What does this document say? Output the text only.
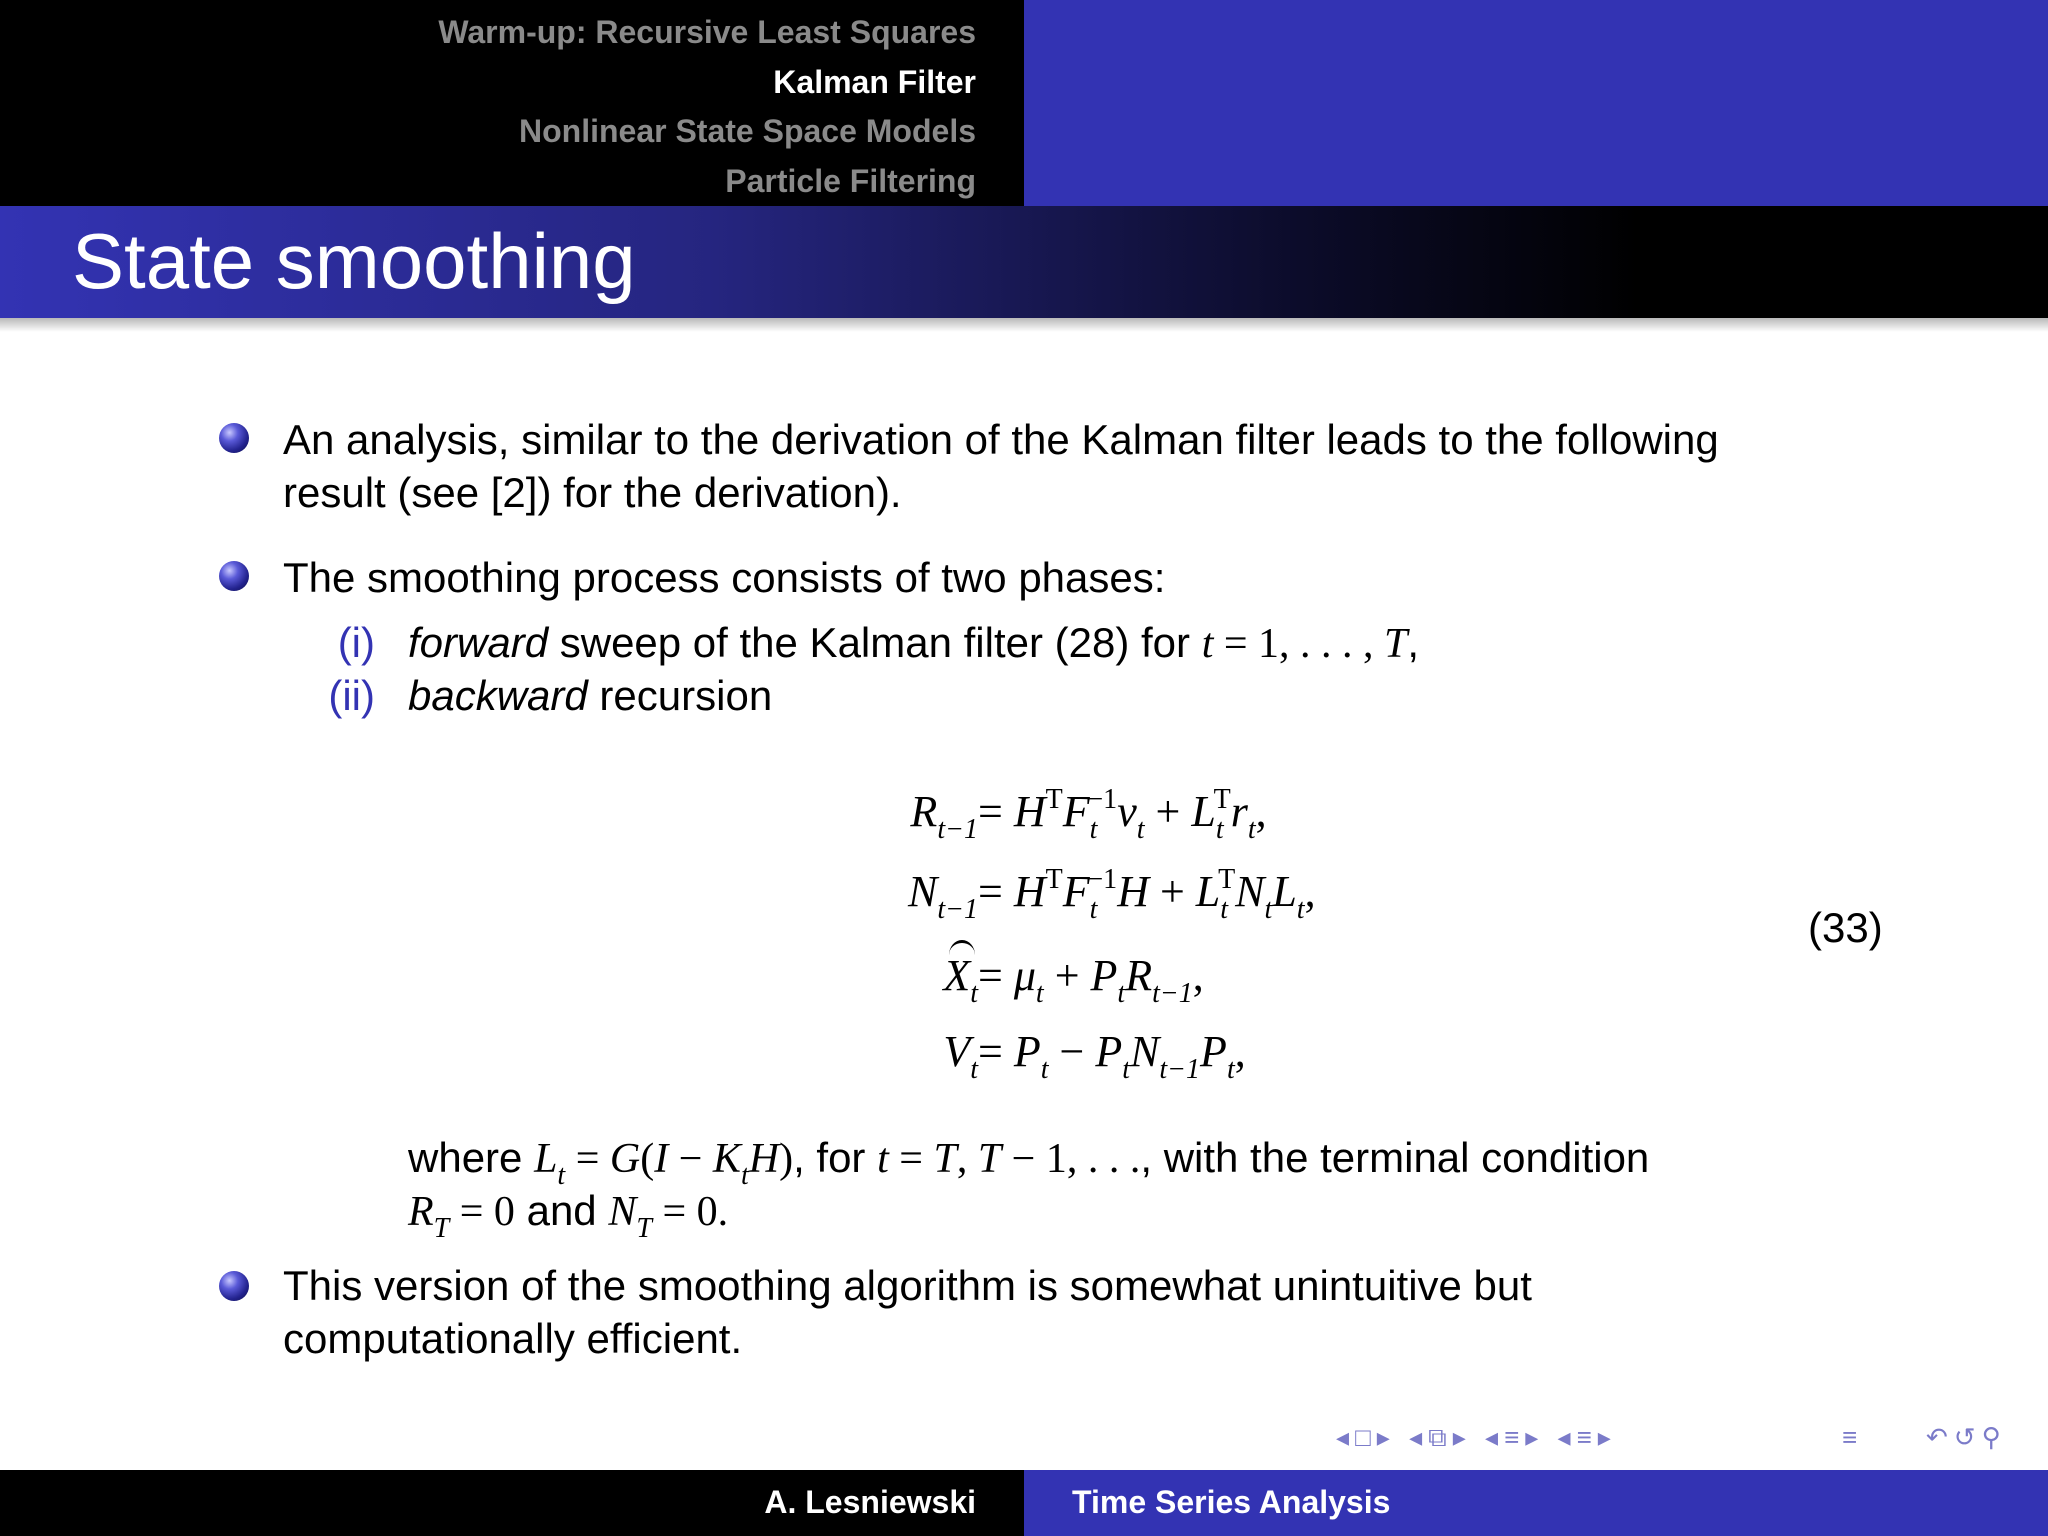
Warm-up: Recursive Least Squares
Kalman Filter
Nonlinear State Space Models
Particle Filtering
State smoothing
An analysis, similar to the derivation of the Kalman filter leads to the following
result (see [2]) for the derivation).
The smoothing process consists of two phases:
(i) forward sweep of the Kalman filter (28) for t = 1, . . . , T,
(ii) backward recursion
$R_{t-1} = H^TF_t^{-1}v_t + L_t^Tr_t$,
$N_{t-1} = H^TF_t^{-1}H + L_t^TN_tL_t$,
$X_t = \mu_t + P_tR_{t-1}$,
$V_t = P_t - P_tN_{t-1}P_t$,
(33)
where $L_t = G(I - K_tH)$, for t = T, T − 1, . . ., with the terminal condition
$R_T = 0$ and $N_T = 0$.
This version of the smoothing algorithm is somewhat unintuitive but
computationally efficient.
◂□▸ ◂⧉▸ ◂≡▸ ◂≡▸	≡ ↶↺⚲
A. Lesniewski	Time Series Analysis
